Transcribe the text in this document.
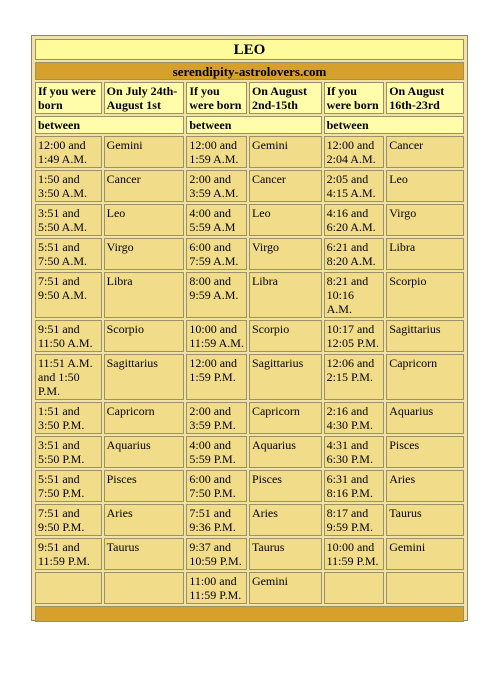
LEO					
serendipity-astrolovers.com					
If you were born	On July 24th-August 1st	If you were born	On August 2nd-15th	If you were born	On August 16th-23rd
between		between		between	
12:00 and 1:49 A.M.	Gemini	12:00 and 1:59 A.M.	Gemini	12:00 and 2:04 A.M.	Cancer
1:50 and 3:50 A.M.	Cancer	2:00 and 3:59 A.M.	Cancer	2:05 and 4:15 A.M.	Leo
3:51 and 5:50 A.M.	Leo	4:00 and 5:59 A.M	Leo	4:16 and 6:20 A.M.	Virgo
5:51 and 7:50 A.M.	Virgo	6:00 and 7:59 A.M.	Virgo	6:21 and 8:20 A.M.	Libra
7:51 and 9:50 A.M.	Libra	8:00 and 9:59 A.M.	Libra	8:21 and 10:16 A.M.	Scorpio
9:51 and 11:50 A.M.	Scorpio	10:00 and 11:59 A.M.	Scorpio	10:17 and 12:05 P.M.	Sagittarius
11:51 A.M. and 1:50 P.M.	Sagittarius	12:00 and 1:59 P.M.	Sagittarius	12:06 and 2:15 P.M.	Capricorn
1:51 and 3:50 P.M.	Capricorn	2:00 and 3:59 P.M.	Capricorn	2:16 and 4:30 P.M.	Aquarius
3:51 and 5:50 P.M.	Aquarius	4:00 and 5:59 P.M.	Aquarius	4:31 and 6:30 P.M.	Pisces
5:51 and 7:50 P.M.	Pisces	6:00 and 7:50 P.M.	Pisces	6:31 and 8:16 P.M.	Aries
7:51 and 9:50 P.M.	Aries	7:51 and 9:36 P.M.	Aries	8:17 and 9:59 P.M.	Taurus
9:51 and 11:59 P.M.	Taurus	9:37 and 10:59 P.M.	Taurus	10:00 and 11:59 P.M.	Gemini
		11:00 and 11:59 P.M.	Gemini		
